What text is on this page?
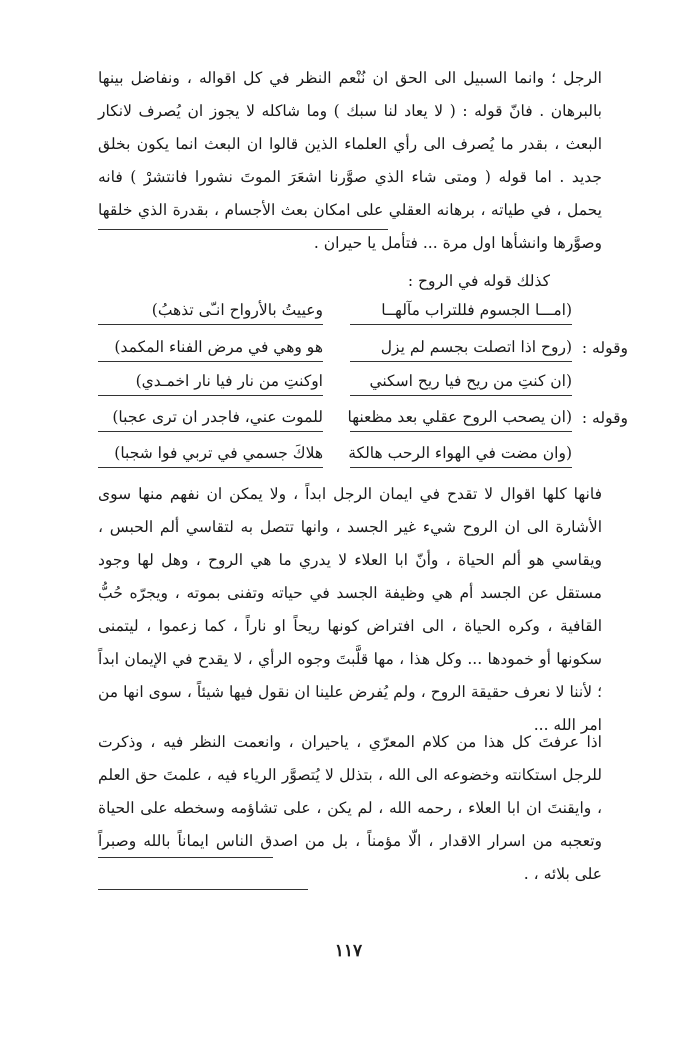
الرجل ؛ وانما السبيل الى الحق ان نُنْعم النظر في كل اقواله ، ونفاضل بينها بالبرهان . فانّ قوله : ( لا يعاد لنا سبك ) وما شاكله لا يجوز ان يُصرف لانكار البعث ، بقدر ما يُصرف الى رأي العلماء الذين قالوا ان البعث انما يكون بخلق جديد . اما قوله ( ومتى شاء الذي صوَّرنا اشعَرَ الموتَ نشورا فانتشرْ ) فانه يحمل ، في طياته ، برهانه العقلي على امكان بعث الأجسام ، بقدرة الذي خلقها وصوَّرها وانشأها اول مرة ... فتأمل يا حيران .

كذلك قوله في الروح :

(امـــا الجسوم فللتراب مآلهــا
وعييتُ بالأرواح انـّى تذهبُ)
وقوله :
(روح اذا اتصلت بجسم لم يزل
هو وهي في مرض الفناء المكمد)
(ان كنتِ من ريح فيا ريح اسكني
اوكنتِ من نار فيا نار اخمـدي)
وقوله :
(ان يصحب الروح عقلي بعد مظعنها
للموت عني، فاجدر ان ترى عجبا)
(وان مضت في الهواء الرحب هالكة
هلاكَ جسمي في تربي فوا شجبا)

فانها كلها اقوال لا تقدح في ايمان الرجل ابداً ، ولا يمكن ان نفهم منها سوى الأشارة الى ان الروح شيء غير الجسد ، وانها تتصل به لتقاسي ألم الحبس ، ويقاسي هو ألم الحياة ، وأنّ ابا العلاء لا يدري ما هي الروح ، وهل لها وجود مستقل عن الجسد أم هي وظيفة الجسد في حياته وتفنى بموته ، ويجرّه حُبُّ القافية ، وكره الحياة ، الى افتراض كونها ريحاً او ناراً ، كما زعموا ، ليتمنى سكونها أو خمودها ... وكل هذا ، مها قلَّبتَ وجوه الرأي ، لا يقدح في الإيمان ابداً ؛ لأننا لا نعرف حقيقة الروح ، ولم يُفرض علينا ان نقول فيها شيئاً ، سوى انها من امر الله ...

اذا عرفتَ كل هذا من كلام المعرّي ، ياحيران ، وانعمت النظر فيه ، وذكرت للرجل استكانته وخضوعه الى الله ، بتذلل لا يُتصوَّر الرياء فيه ، علمتَ حق العلم ، وايقنتَ ان ابا العلاء ، رحمه الله ، لم يكن ، على تشاؤمه وسخطه على الحياة وتعجبه من اسرار الاقدار ، الّا مؤمناً ، بل من اصدق الناس ايماناً بالله وصبراً على بلائه ، .

١١٧
